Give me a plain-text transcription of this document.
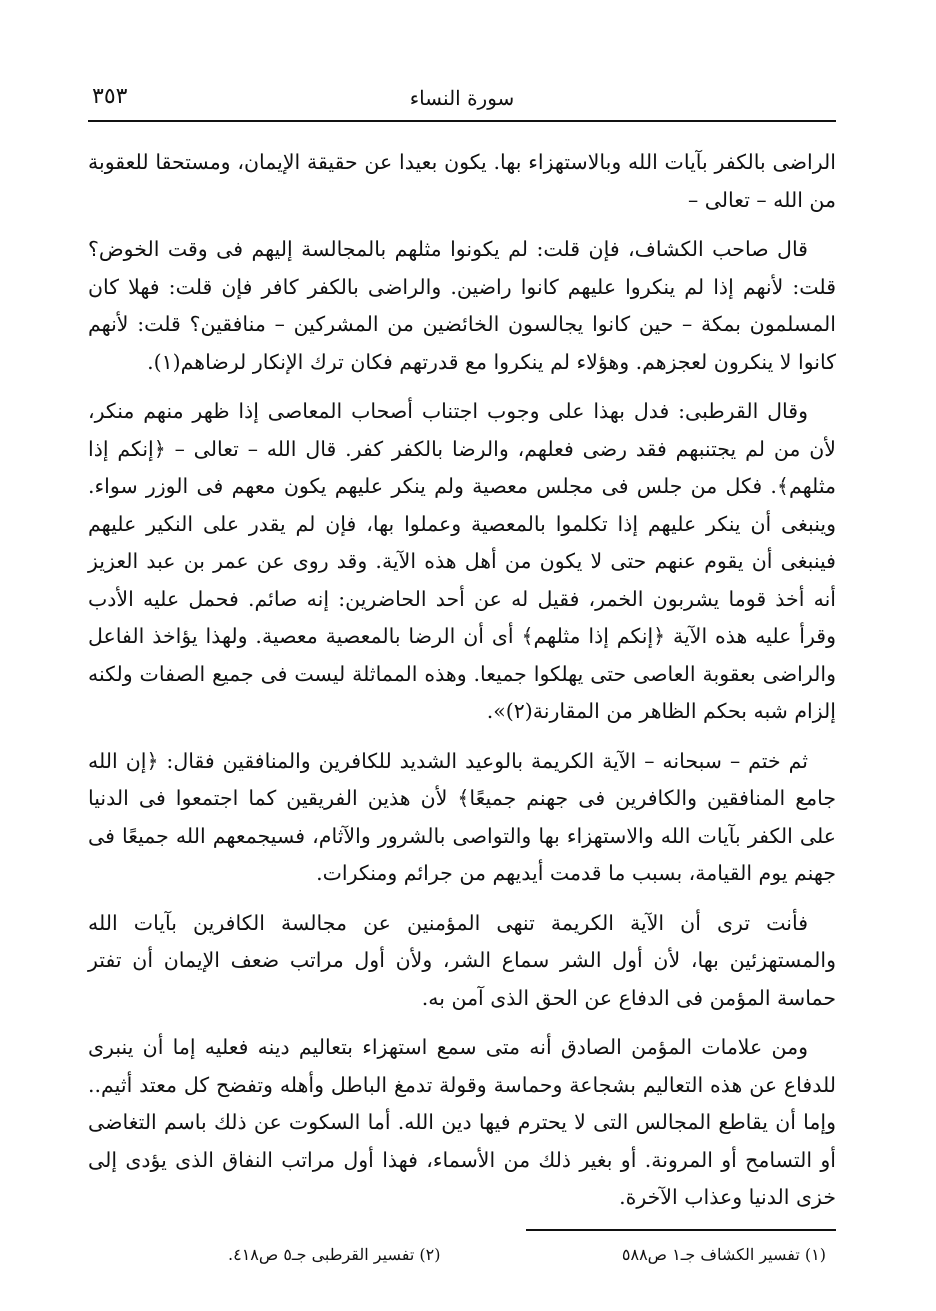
سورة النساء
٣٥٣

الراضى بالكفر بآيات الله وبالاستهزاء بها. يكون بعيدا عن حقيقة الإيمان، ومستحقا للعقوبة من الله – تعالى –

قال صاحب الكشاف، فإن قلت: لم يكونوا مثلهم بالمجالسة إليهم فى وقت الخوض؟ قلت: لأنهم إذا لم ينكروا عليهم كانوا راضين. والراضى بالكفر كافر فإن قلت: فهلا كان المسلمون بمكة – حين كانوا يجالسون الخائضين من المشركين – منافقين؟ قلت: لأنهم كانوا لا ينكرون لعجزهم. وهؤلاء لم ينكروا مع قدرتهم فكان ترك الإنكار لرضاهم(١).

وقال القرطبى: فدل بهذا على وجوب اجتناب أصحاب المعاصى إذا ظهر منهم منكر، لأن من لم يجتنبهم فقد رضى فعلهم، والرضا بالكفر كفر. قال الله – تعالى – ﴿إنكم إذا مثلهم﴾. فكل من جلس فى مجلس معصية ولم ينكر عليهم يكون معهم فى الوزر سواء. وينبغى أن ينكر عليهم إذا تكلموا بالمعصية وعملوا بها، فإن لم يقدر على النكير عليهم فينبغى أن يقوم عنهم حتى لا يكون من أهل هذه الآية. وقد روى عن عمر بن عبد العزيز أنه أخذ قوما يشربون الخمر، فقيل له عن أحد الحاضرين: إنه صائم. فحمل عليه الأدب وقرأ عليه هذه الآية ﴿إنكم إذا مثلهم﴾ أى أن الرضا بالمعصية معصية. ولهذا يؤاخذ الفاعل والراضى بعقوبة العاصى حتى يهلكوا جميعا. وهذه المماثلة ليست فى جميع الصفات ولكنه إلزام شبه بحكم الظاهر من المقارنة(٢)».

ثم ختم – سبحانه – الآية الكريمة بالوعيد الشديد للكافرين والمنافقين فقال: ﴿إن الله جامع المنافقين والكافرين فى جهنم جميعًا﴾ لأن هذين الفريقين كما اجتمعوا فى الدنيا على الكفر بآيات الله والاستهزاء بها والتواصى بالشرور والآثام، فسيجمعهم الله جميعًا فى جهنم يوم القيامة، بسبب ما قدمت أيديهم من جرائم ومنكرات.

فأنت ترى أن الآية الكريمة تنهى المؤمنين عن مجالسة الكافرين بآيات الله والمستهزئين بها، لأن أول الشر سماع الشر، ولأن أول مراتب ضعف الإيمان أن تفتر حماسة المؤمن فى الدفاع عن الحق الذى آمن به.

ومن علامات المؤمن الصادق أنه متى سمع استهزاء بتعاليم دينه فعليه إما أن ينبرى للدفاع عن هذه التعاليم بشجاعة وحماسة وقولة تدمغ الباطل وأهله وتفضح كل معتد أثيم.. وإما أن يقاطع المجالس التى لا يحترم فيها دين الله. أما السكوت عن ذلك باسم التغاضى أو التسامح أو المرونة. أو بغير ذلك من الأسماء، فهذا أول مراتب النفاق الذى يؤدى إلى خزى الدنيا وعذاب الآخرة.

(١) تفسير الكشاف جـ١ ص٥٨٨
(٢) تفسير القرطبى جـ٥ ص٤١٨.
